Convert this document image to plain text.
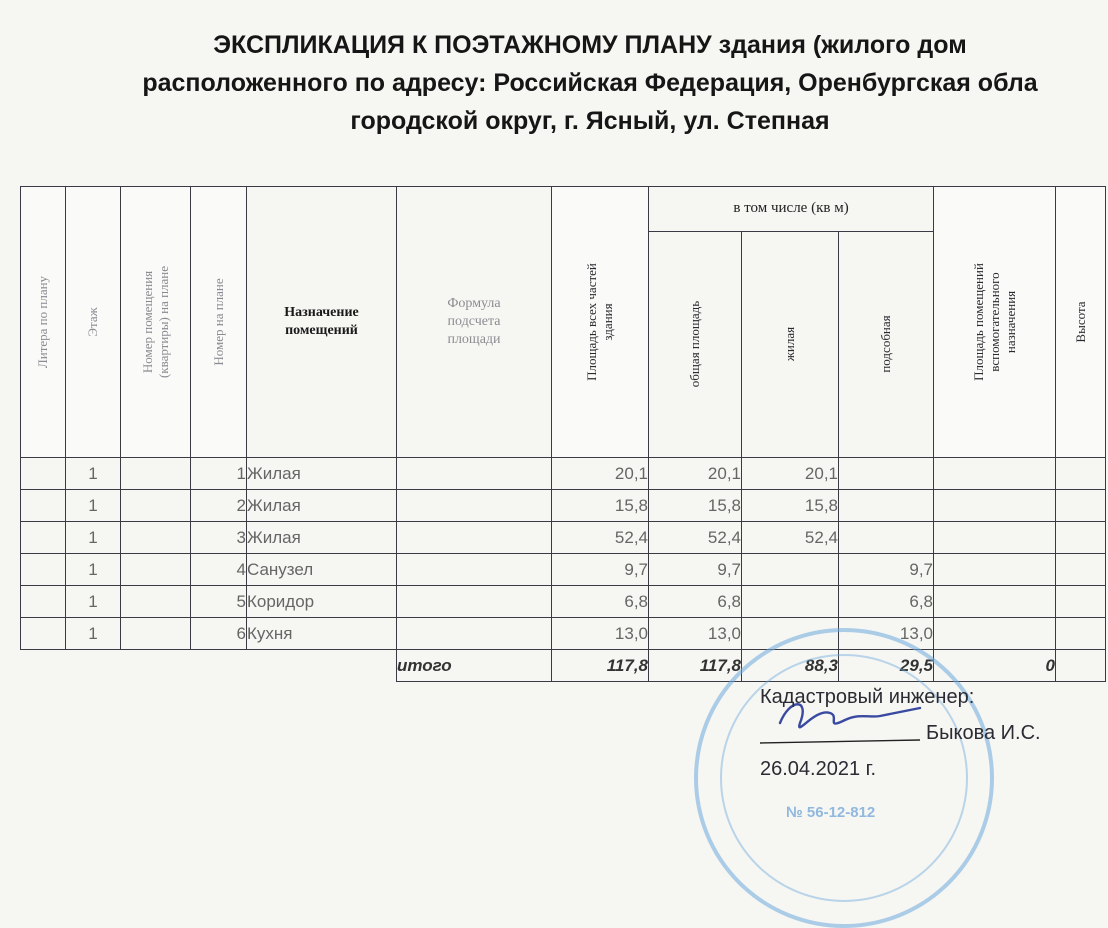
ЭКСПЛИКАЦИЯ К ПОЭТАЖНОМУ ПЛАНУ здания (жилого дом
расположенного по адресу: Российская Федерация, Оренбургская обла
городской округ, г. Ясный, ул. Степная
Литера по плану	Этаж	Номер помещения
(квартиры) на плане	Номер на плане	Назначение
помещений	Формула
подсчета
площади	Площадь всех частей
здания	в том числе (кв м)			Площадь помещений
вспомогательного
назначения	Высота

							общая площадь	жилая	подсобная		

	1		1	Жилая		20,1	20,1	20,1			
	1		2	Жилая		15,8	15,8	15,8			
	1		3	Жилая		52,4	52,4	52,4			
	1		4	Санузел		9,7	9,7		9,7		
	1		5	Коридор		6,8	6,8		6,8		
	1		6	Кухня		13,0	13,0		13,0		
					итого	117,8	117,8	88,3	29,5	0	
№ 56-12-812
Кадастровый инженер:
Быкова И.С.
26.04.2021 г.
